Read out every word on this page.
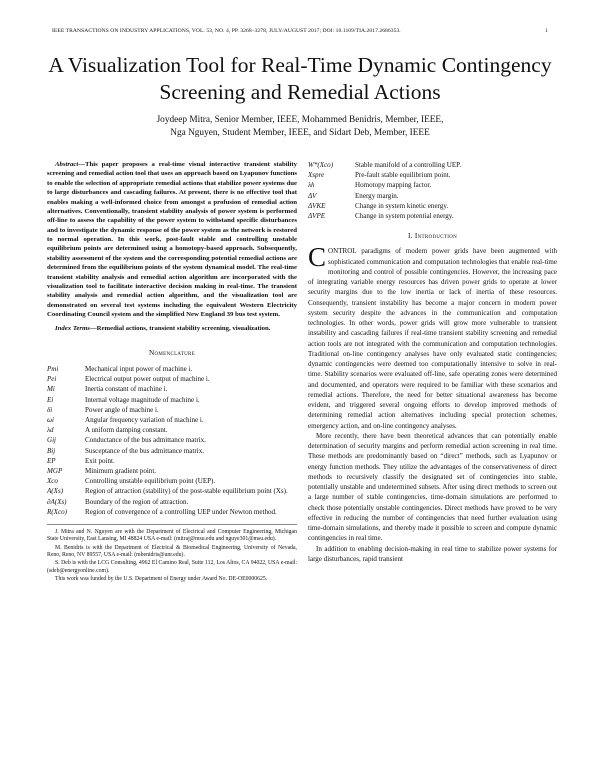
IEEE TRANSACTIONS ON INDUSTRY APPLICATIONS, VOL. 53, NO. 4, PP. 3268–3278, JULY/AUGUST 2017; DOI: 10.1109/TIA.2017.2686353.	1
A Visualization Tool for Real-Time Dynamic Contingency Screening and Remedial Actions
Joydeep Mitra, Senior Member, IEEE, Mohammed Benidris, Member, IEEE,
Nga Nguyen, Student Member, IEEE, and Sidart Deb, Member, IEEE

Abstract—This paper proposes a real-time visual interactive transient stability screening and remedial action tool that uses an approach based on Lyapunov functions to enable the selection of appropriate remedial actions that stabilize power systems due to large disturbances and cascading failures. At present, there is no effective tool that enables making a well-informed choice from amongst a profusion of remedial action alternatives. Conventionally, transient stability analysis of power system is performed off-line to assess the capability of the power system to withstand specific disturbances and to investigate the dynamic response of the power system as the network is restored to normal operation. In this work, post-fault stable and controlling unstable equilibrium points are determined using a homotopy-based approach. Subsequently, stability assessment of the system and the corresponding potential remedial actions are determined from the equilibrium points of the system dynamical model. The real-time transient stability analysis and remedial action algorithm are incorporated with the visualization tool to facilitate interactive decision making in real-time. The transient stability analysis and remedial action algorithm, and the visualization tool are demonstrated on several test systems including the equivalent Western Electricity Coordinating Council system and the simplified New England 39 bus test system.

Index Terms—Remedial actions, transient stability screening, visualization.

Nomenclature
Pmi	Mechanical input power of machine i.
Pei	Electrical output power output of machine i.
Mi	Inertia constant of machine i.
Ei	Internal voltage magnitude of machine i.
δi	Power angle of machine i.
ωi	Angular frequency variation of machine i.
λd	A uniform damping constant.
Gij	Conductance of the bus admittance matrix.
Bij	Susceptance of the bus admittance matrix.
EP	Exit point.
MGP	Minimum gradient point.
Xco	Controlling unstable equilibrium point (UEP).
A(Xs)	Region of attraction (stability) of the post-stable equilibrium point (Xs).
∂A(Xs)	Boundary of the region of attraction.
R(Xco)	Region of convergence of a controlling UEP under Newton method.

J. Mitra and N. Nguyen are with the Department of Electrical and Computer Engineering, Michigan State University, East Lansing, MI 48824 USA e-mail: (mitraj@msu.edu and nguye301@msu.edu).

M. Benidris is with the Department of Electrical & Biomedical Engineering, University of Nevada, Reno, Reno, NV 89557, USA e-mail: (mbenidris@unr.edu).

S. Deb is with the LCG Consulting, 4962 El Camino Real, Suite 112, Los Altos, CA 94022, USA e-mail: (sdeb@energyonline.com).

This work was funded by the U.S. Department of Energy under Award No. DE-OE0000625.

W*(Xco)	Stable manifold of a controlling UEP.
Xspre	Pre-fault stable equilibrium point.
λh	Homotopy mapping factor.
ΔV	Energy margin.
ΔVKE	Change in system kinetic energy.
ΔVPE	Change in system potential energy.
I. Introduction

CONTROL paradigms of modern power grids have been augmented with sophisticated communication and computation technologies that enable real-time monitoring and control of possible contingencies. However, the increasing pace of integrating variable energy resources has driven power grids to operate at lower security margins due to the low inertia or lack of inertia of these resources. Consequently, transient instability has become a major concern in modern power system security despite the advances in the communication and computation technologies. In other words, power grids will grow more vulnerable to transient instability and cascading failures if real-time transient stability screening and remedial action tools are not integrated with the communication and computation technologies. Traditional on-line contingency analyses have only evaluated static contingencies; dynamic contingencies were deemed too computationally intensive to solve in real-time. Stability scenarios were evaluated off-line, safe operating zones were determined and documented, and operators were required to be familiar with these scenarios and remedial actions. Therefore, the need for better situational awareness has become evident, and triggered several ongoing efforts to develop improved methods of determining remedial action alternatives including special protection schemes, emergency action, and on-line contingency analyses.

More recently, there have been theoretical advances that can potentially enable determination of security margins and perform remedial action screening in real time. These methods are predominantly based on “direct” methods, such as Lyapunov or energy function methods. They utilize the advantages of the conservativeness of direct methods to recursively classify the designated set of contingencies into stable, potentially unstable and undetermined subsets. After using direct methods to screen out a large number of stable contingencies, time-domain simulations are performed to check those potentially unstable contingencies. Direct methods have proved to be very effective in reducing the number of contingencies that need further evaluation using time-domain simulations, and thereby made it possible to screen and compute dynamic contingencies in real time.

In addition to enabling decision-making in real time to stabilize power systems for large disturbances, rapid transient
